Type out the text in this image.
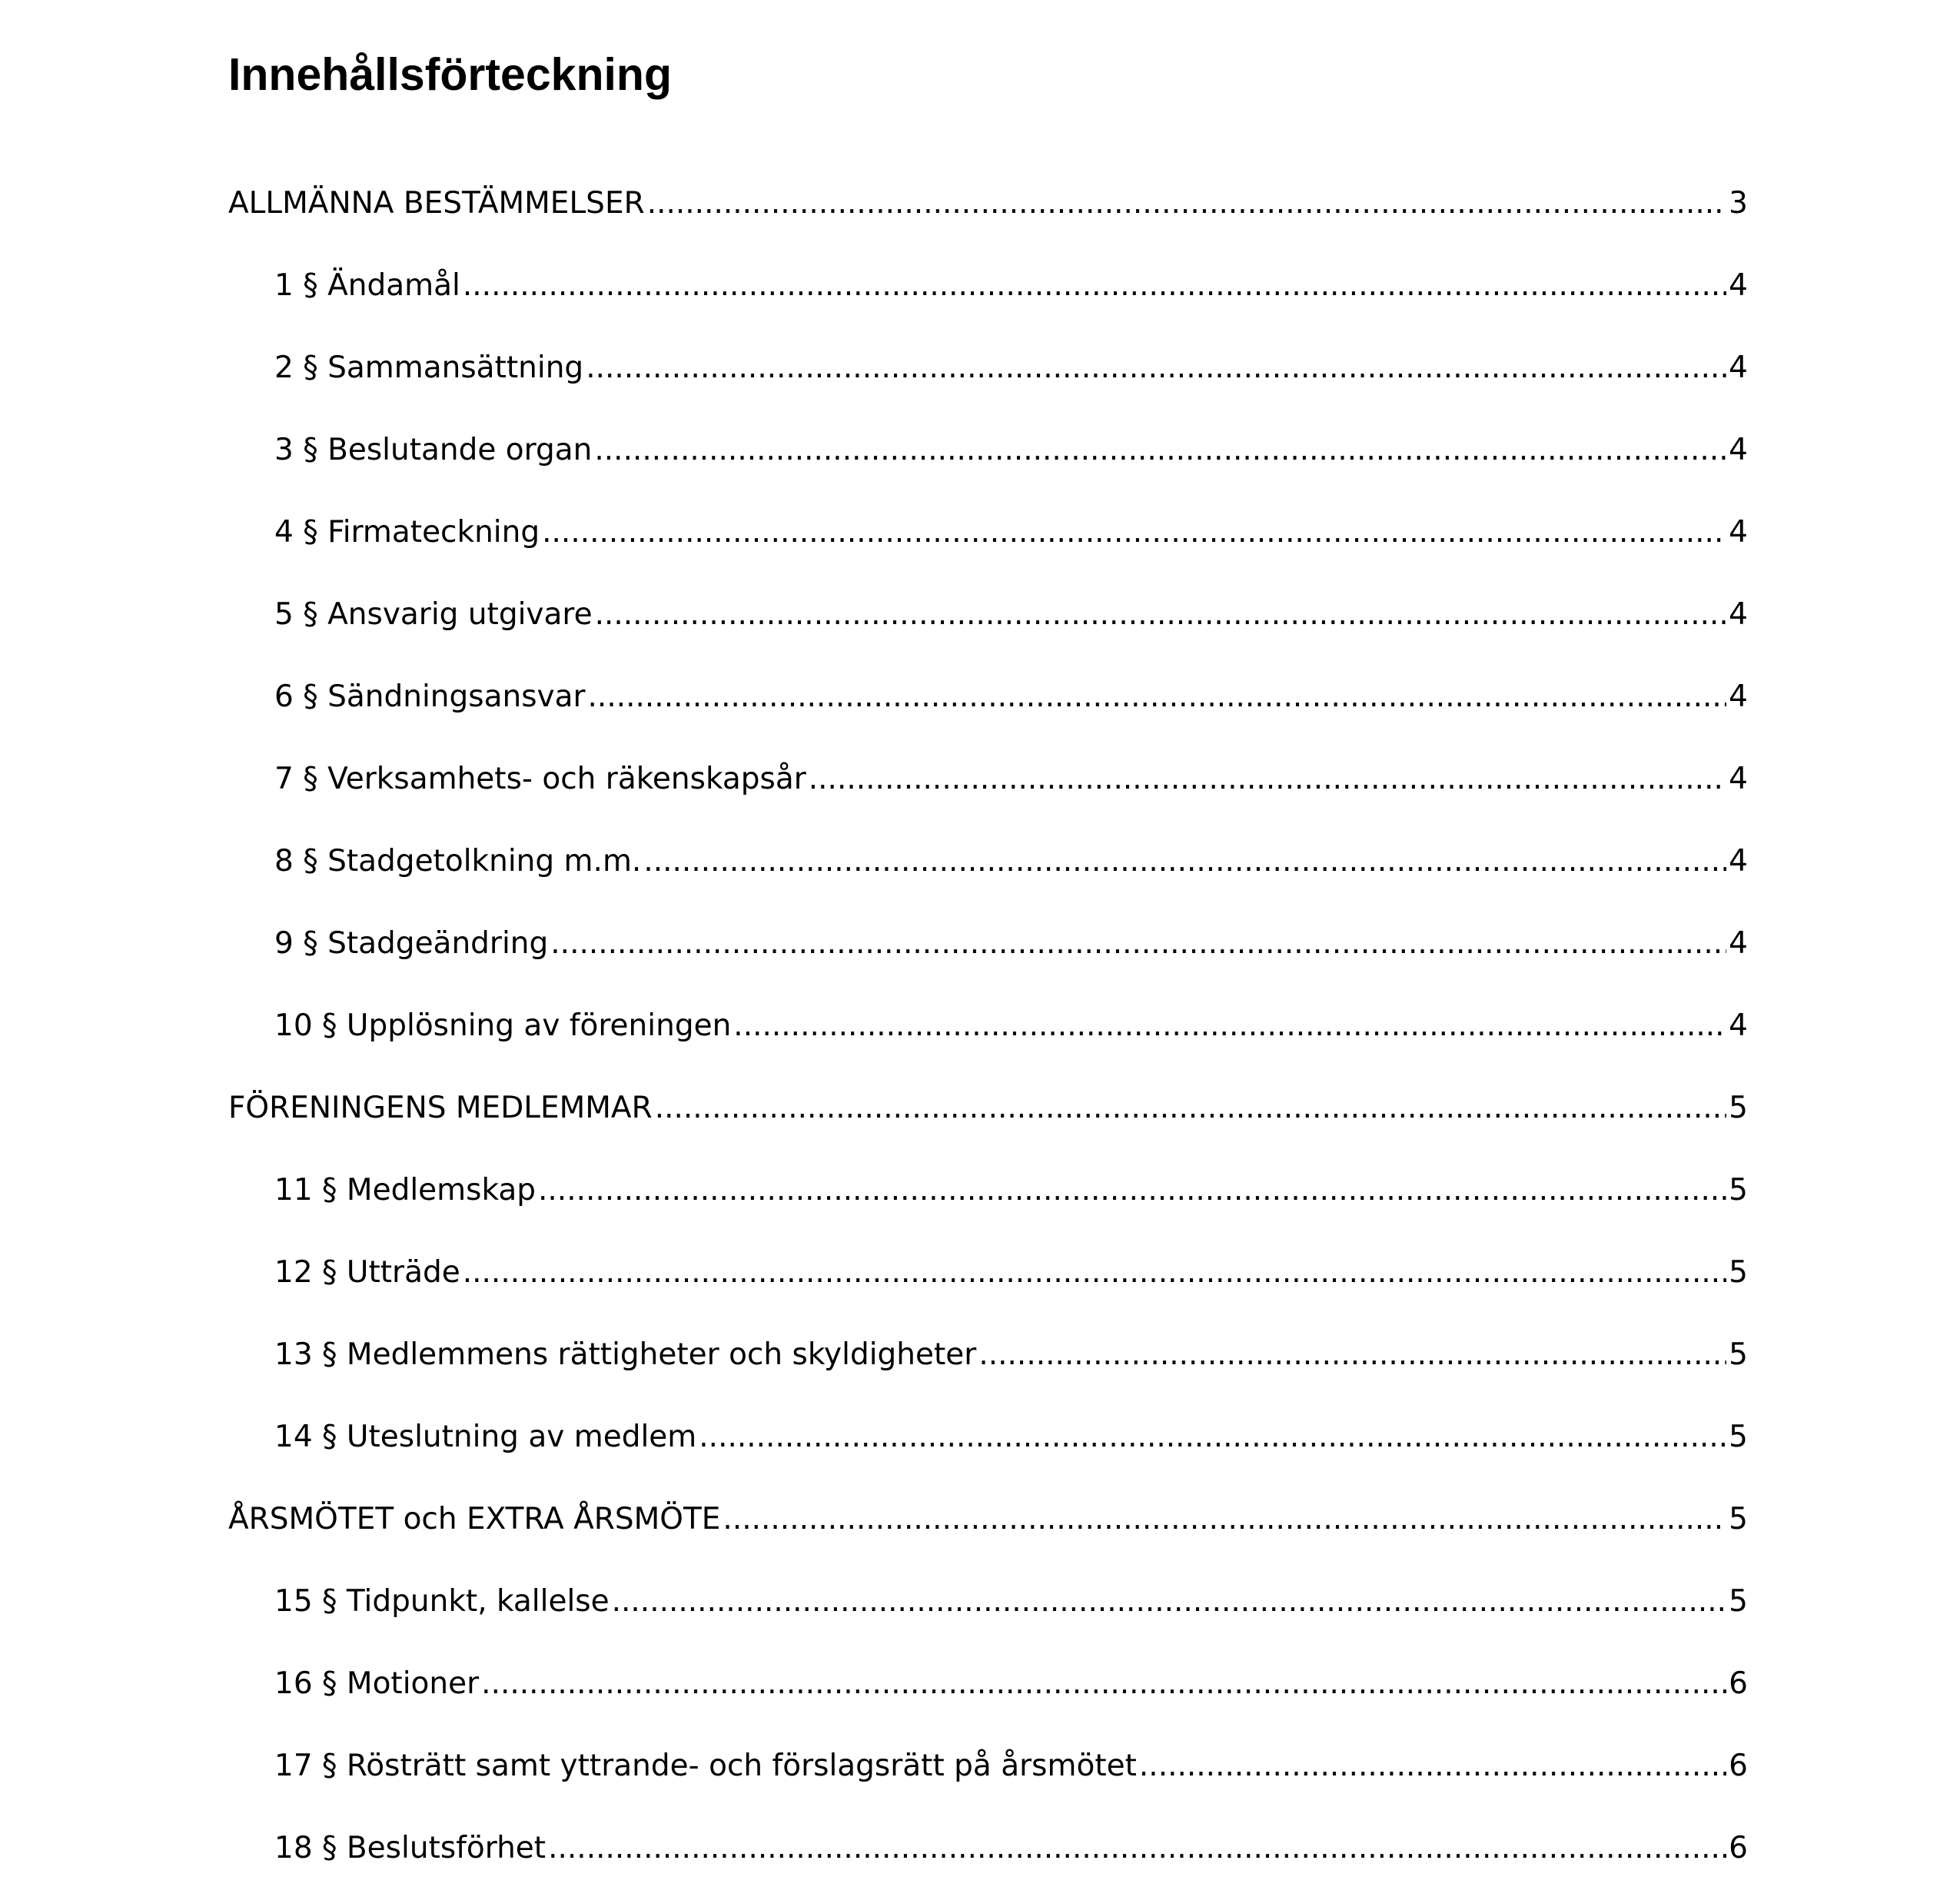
Innehållsförteckning
ALLMÄNNA BESTÄMMELSER .....	3
1 § Ändamål .....	4
2 § Sammansättning .....	4
3 § Beslutande organ .....	4
4 § Firmateckning .....	4
5 § Ansvarig utgivare .....	4
6 § Sändningsansvar .....	4
7 § Verksamhets- och räkenskapsår .....	4
8 § Stadgetolkning m.m. .....	4
9 § Stadgeändring .....	4
10 § Upplösning av föreningen .....	4
FÖRENINGENS MEDLEMMAR .....	5
11 § Medlemskap .....	5
12 § Utträde .....	5
13 § Medlemmens rättigheter och skyldigheter .....	5
14 § Uteslutning av medlem .....	5
ÅRSMÖTET och EXTRA ÅRSMÖTE .....	5
15 § Tidpunkt, kallelse .....	5
16 § Motioner .....	6
17 § Rösträtt samt yttrande- och förslagsrätt på årsmötet .....	6
18 § Beslutsförhet .....	6
